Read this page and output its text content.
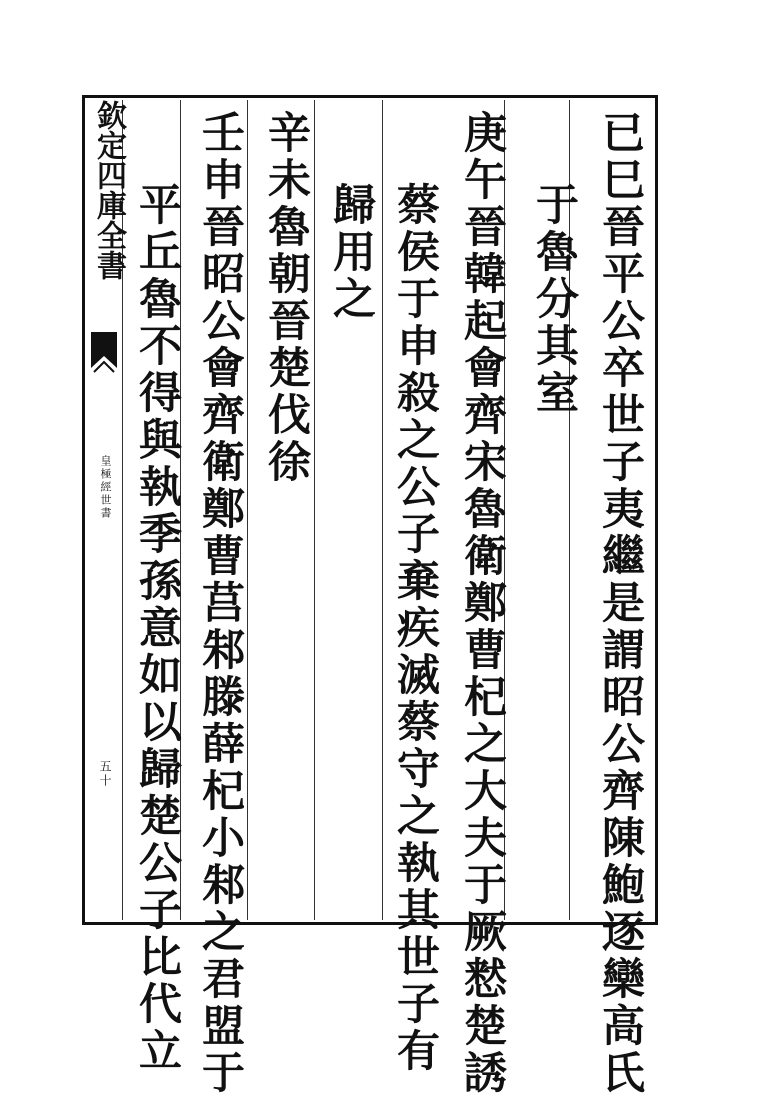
已巳晉平公卒世子夷繼是謂昭公齊陳鮑逐欒高氏
于魯分其室
庚午晉韓起會齊宋魯衛鄭曹杞之大夫于厥慭楚誘
蔡侯于申殺之公子棄疾滅蔡守之執其世子有
歸用之
辛未魯朝晉楚伐徐
壬申晉昭公會齊衛鄭曹莒邾滕薛杞小邾之君盟于
平丘魯不得與執季孫意如以歸楚公子比代立
欽定四庫全書
皇極經世書
五十
